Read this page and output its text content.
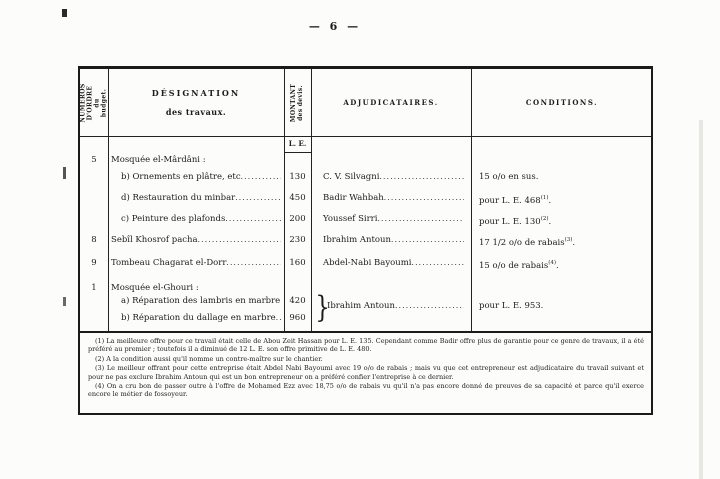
— 6 —
NUMÉROS D'ORDRE
du budget.	DÉSIGNATION
des travaux.	MONTANT
des devis.	ADJUDICATAIRES.	CONDITIONS.
L. E.
5	Mosquée el-Mârdâni :
b) Ornements en plâtre, etc .....	130	C. V. Silvagni .....	15 o/o en sus.
d) Restauration du minbar .....	450	Badir Wahbah .....	pour L. E. 468$^{(1)}$.
c) Peinture des plafonds .....	200	Youssef Sirri .....	pour L. E. 130$^{(2)}$.
8	Sebîl Khosrof pacha .....	230	Ibrahim Antoun .....	17 1/2 o/o de rabais$^{(3)}$.
9	Tombeau Chagarat el-Dorr .....	160	Abdel-Nabi Bayoumi .....	15 o/o de rabais$^{(4)}$.
1	Mosquée el-Ghouri :
a) Réparation des lambris en marbre .....	420
b) Réparation du dallage en marbre .....	960 }
Ibrahim Antoun .....	pour L. E. 953.

(1) La meilleure offre pour ce travail était celle de Abou Zeit Hassan pour L. E. 135. Cependant comme Badir offre plus de garantie pour ce genre de travaux, il a été préféré au premier ; toutefois il a diminué de 12 L. E. son offre primitive de L. E. 480.

(2) A la condition aussi qu'il nomme un contre-maître sur le chantier.

(3) Le meilleur offrant pour cette entreprise était Abdel Nabi Bayoumi avec 19 o/o de rabais ; mais vu que cet entrepreneur est adjudicataire du travail suivant et pour ne pas exclure Ibrahim Antoun qui est un bon entrepreneur on a préféré confier l'entreprise à ce dernier.

(4) On a cru bon de passer outre à l'offre de Mohamed Ezz avec 18,75 o/o de rabais vu qu'il n'a pas encore donné de preuves de sa capacité et parce qu'il exerce encore le métier de fossoyeur.
